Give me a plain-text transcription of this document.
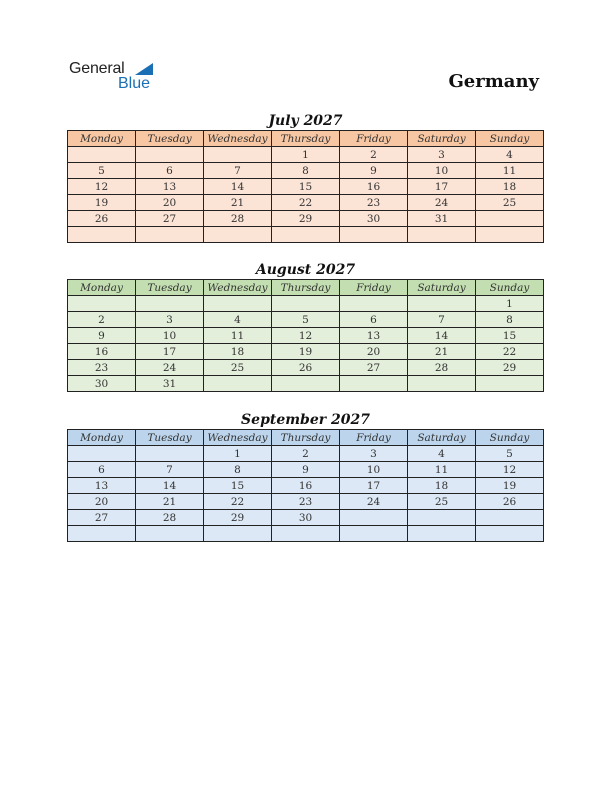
General
Blue	Germany
July 2027
Monday	Tuesday	Wednesday	Thursday	Friday	Saturday	Sunday
			1	2	3	4
5	6	7	8	9	10	11
12	13	14	15	16	17	18
19	20	21	22	23	24	25
26	27	28	29	30	31	

August 2027
Monday	Tuesday	Wednesday	Thursday	Friday	Saturday	Sunday
						1
2	3	4	5	6	7	8
9	10	11	12	13	14	15
16	17	18	19	20	21	22
23	24	25	26	27	28	29
30	31					
September 2027
Monday	Tuesday	Wednesday	Thursday	Friday	Saturday	Sunday
		1	2	3	4	5
6	7	8	9	10	11	12
13	14	15	16	17	18	19
20	21	22	23	24	25	26
27	28	29	30			
